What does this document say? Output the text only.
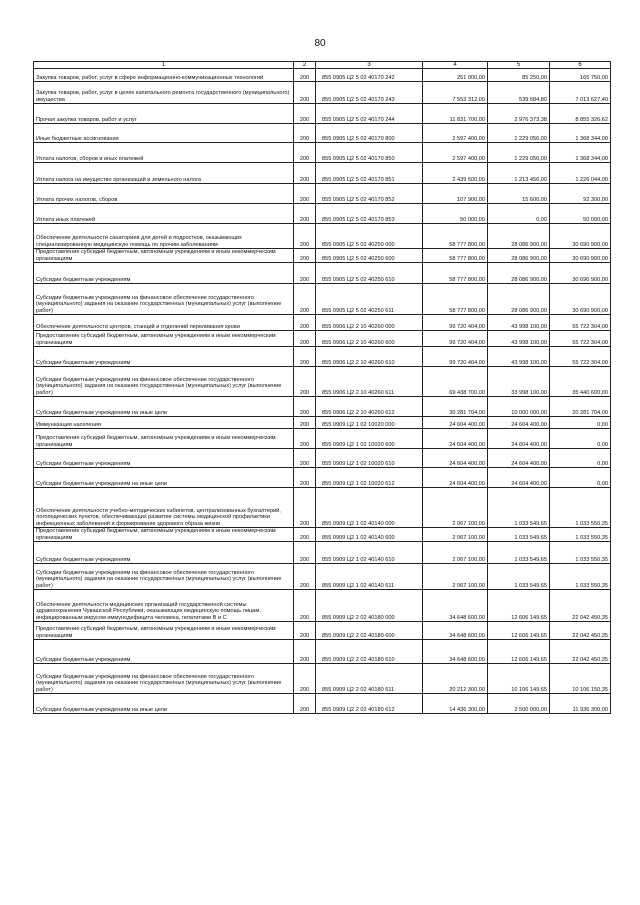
80
1	2	3	4	5	6
Закупка товаров, работ, услуг в сфере информационно-коммуникационных технологий	200	855 0905 Ц2 5 02 40170 242	251 000,00	85 250,00	165 750,00
Закупка товаров, работ, услуг в целях капитального ремонта государственного (муниципального) имущества	200	855 0905 Ц2 5 02 40170 243	7 553 312,00	539 684,80	7 013 627,40
Прочая закупка товаров, работ и услуг	200	855 0905 Ц2 5 02 40170 244	11 831 700,00	2 976 373,38	8 855 326,62
Иные бюджетные ассигнования	200	855 0905 Ц2 5 02 40170 800	2 597 400,00	1 229 056,00	1 368 344,00
Уплата налогов, сборов и иных платежей	200	855 0905 Ц2 5 02 40170 850	2 597 400,00	1 229 056,00	1 368 344,00
Уплата налога на имущество организаций и земельного налога	200	855 0905 Ц2 5 02 40170 851	2 439 500,00	1 213 456,00	1 226 044,00
Уплата прочих налогов, сборов	200	855 0905 Ц2 5 02 40170 852	107 900,00	15 600,00	92 300,00
Уплата иных платежей	200	855 0905 Ц2 5 02 40170 853	50 000,00	0,00	50 000,00
Обеспечение деятельности санаториев для детей и подростков, оказывающих специализированную медицинскую помощь по прочим заболеваниям	200	855 0905 Ц2 5 02 40250 000	58 777 800,00	28 086 900,00	30 690 900,00
Предоставление субсидий бюджетным, автономным учреждениям и иным некоммерческим организациям	200	855 0905 Ц2 5 02 40250 600	58 777 800,00	28 086 900,00	30 690 900,00
Субсидии бюджетным учреждениям	200	855 0905 Ц2 5 02 40250 610	58 777 800,00	28 086 900,00	30 690 900,00
Субсидии бюджетным учреждениям на финансовое обеспечение государственного (муниципального) задания на оказание государственных (муниципальных) услуг (выполнение работ)	200	855 0905 Ц2 5 02 40250 611	58 777 800,00	28 086 900,00	30 690 900,00
Обеспечение деятельности центров, станций и отделений переливания крови	200	855 0906 Ц2 2 10 40260 000	99 720 404,00	43 998 100,00	55 722 304,00
Предоставление субсидий бюджетным, автономным учреждениям и иным некоммерческим организациям	200	855 0906 Ц2 2 10 40260 600	99 720 404,00	43 998 100,00	55 722 304,00
Субсидии бюджетным учреждениям	200	855 0906 Ц2 2 10 40260 610	99 720 404,00	43 998 100,00	55 722 304,00
Субсидии бюджетным учреждениям на финансовое обеспечение государственного (муниципального) задания на оказание государственных (муниципальных) услуг (выполнение работ)	200	855 0906 Ц2 2 10 40260 611	69 438 700,00	33 998 100,00	35 440 600,00
Субсидии бюджетным учреждениям на иные цели	200	855 0906 Ц2 2 10 40260 612	30 281 704,00	10 000 000,00	20 281 704,00
Иммунизация населения	200	855 0909 Ц2 1 02 10020 000	24 604 400,00	24 604 400,00	0,00
Предоставление субсидий бюджетным, автономным учреждениям и иным некоммерческим организациям	200	855 0909 Ц2 1 02 10020 600	24 604 400,00	24 604 400,00	0,00
Субсидии бюджетным учреждениям	200	855 0909 Ц2 1 02 10020 610	24 604 400,00	24 604 400,00	0,00
Субсидии бюджетным учреждениям на иные цели	200	855 0909 Ц2 1 02 10020 612	24 604 400,00	24 604 400,00	0,00
Обеспечение деятельности учебно-методических кабинетов, централизованных бухгалтерий, логопедических пунктов, обеспечивающих развитие системы медицинской профилактики инфекционных заболеваний и формирование здорового образа жизни	200	855 0909 Ц2 1 02 40140 000	2 067 100,00	1 033 549,65	1 033 550,35
Предоставление субсидий бюджетным, автономным учреждениям и иным некоммерческим организациям	200	855 0909 Ц2 1 02 40140 600	2 067 100,00	1 033 549,65	1 033 550,35
Субсидии бюджетным учреждениям	200	855 0909 Ц2 1 02 40140 610	2 067 100,00	1 033 549,65	1 033 550,35
Субсидии бюджетным учреждениям на финансовое обеспечение государственного (муниципального) задания на оказание государственных (муниципальных) услуг (выполнение работ)	200	855 0909 Ц2 1 02 40140 611	2 067 100,00	1 033 549,65	1 033 550,35
Обеспечение деятельности медицинских организаций государственной системы здравоохранения Чувашской Республики, оказывающих медицинскую помощь лицам, инфицированным вирусом иммунодефицита человека, гепатитами B и C	200	855 0909 Ц2 2 02 40180 000	34 648 600,00	12 606 149,65	22 042 450,35
Предоставление субсидий бюджетным, автономным учреждениям и иным некоммерческим организациям	200	855 0909 Ц2 2 02 40180 600	34 648 600,00	12 606 149,65	22 042 450,35
Субсидии бюджетным учреждениям	200	855 0909 Ц2 2 02 40180 610	34 648 600,00	12 606 149,65	22 042 450,35
Субсидии бюджетным учреждениям на финансовое обеспечение государственного (муниципального) задания на оказание государственных (муниципальных) услуг (выполнение работ)	200	855 0909 Ц2 2 02 40180 611	20 212 300,00	10 106 149,65	10 106 150,35
Субсидии бюджетным учреждениям на иные цели	200	855 0909 Ц2 2 02 40180 612	14 436 300,00	2 500 000,00	11 936 300,00
